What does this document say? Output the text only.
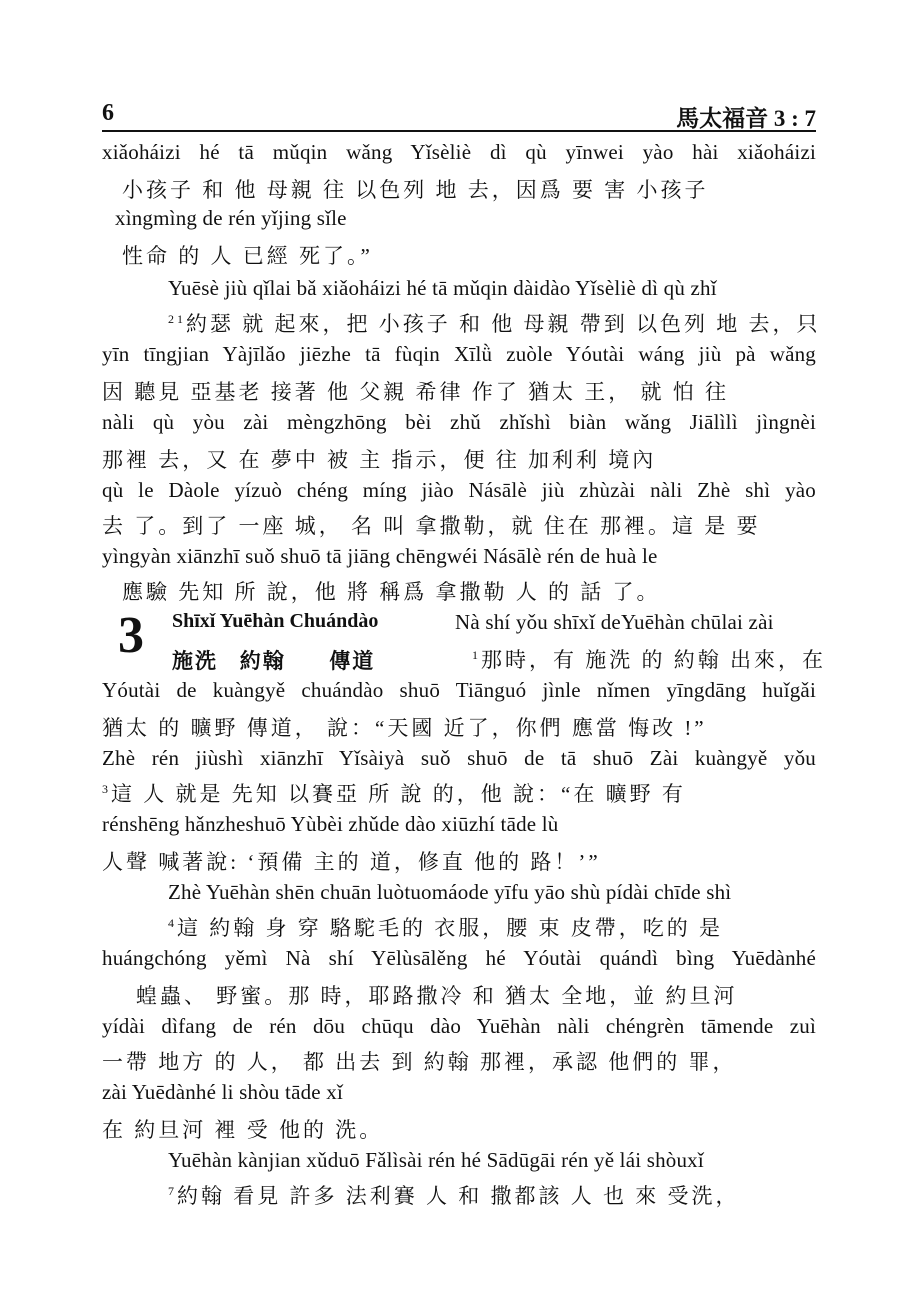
6	馬太福音 3 : 7
xiǎoháizi hé tā mǔqin wǎng Yǐsèliè dì qù yīnwei yào hài xiǎoháizi
小孩子 和 他 母親 往 以色列 地 去，因爲 要 害 小孩子
xìngmìng de rén yǐjing sǐle
性命 的 人 已經 死了。”
Yuēsè jiù qǐlai bǎ xiǎoháizi hé tā mǔqin dàidào Yǐsèliè dì qù zhǐ
$^{21}$約瑟 就 起來，把 小孩子 和 他 母親 帶到 以色列 地 去，只
yīn tīngjian Yàjīlǎo jiēzhe tā fùqin Xīlǜ zuòle Yóutài wáng jiù pà wǎng
因 聽見 亞基老 接著 他 父親 希律 作了 猶太 王， 就 怕 往
nàli qù yòu zài mèngzhōng bèi zhǔ zhǐshì biàn wǎng Jiālìlì jìngnèi
那裡 去，又 在 夢中 被 主 指示，便 往 加利利 境內
qù le Dàole yízuò chéng míng jiào Násālè jiù zhùzài nàli Zhè shì yào
去 了。到了 一座 城， 名 叫 拿撒勒，就 住在 那裡。這 是 要
yìngyàn xiānzhī suǒ shuō tā jiāng chēngwéi Násālè rén de huà le
應驗 先知 所 說，他 將 稱爲 拿撒勒 人 的 話 了。
3 Shīxǐ Yuēhàn Chuándào
施洗 約翰 傳道
Nà shí yǒu shīxǐ deYuēhàn chūlai zài
$^1$那時，有 施洗 的 約翰 出來，在
Yóutài de kuàngyě chuándào shuō Tiānguó jìnle nǐmen yīngdāng huǐgǎi
猶太 的 曠野 傳道， 說：“天國 近了，你們 應當 悔改 !”
Zhè rén jiùshì xiānzhī Yǐsàiyà suǒ shuō de tā shuō Zài kuàngyě yǒu
$^3$這 人 就是 先知 以賽亞 所 說 的，他 說：“在 曠野 有
rénshēng hǎnzheshuō Yùbèi zhǔde dào xiūzhí tāde lù
人聲 喊著說: ‘預備 主的 道，修直 他的 路！’”
Zhè Yuēhàn shēn chuān luòtuomáode yīfu yāo shù pídài chīde shì
$^4$這 約翰 身 穿 駱駝毛的 衣服，腰 束 皮帶，吃的 是
huángchóng yěmì Nà shí Yēlùsālěng hé Yóutài quándì bìng Yuēdànhé
蝗蟲、 野蜜。那 時，耶路撒冷 和 猶太 全地，並 約旦河
yídài dìfang de rén dōu chūqu dào Yuēhàn nàli chéngrèn tāmende zuì
一帶 地方 的 人， 都 出去 到 約翰 那裡，承認 他們的 罪，
zài Yuēdànhé li shòu tāde xǐ
在 約旦河 裡 受 他的 洗。
Yuēhàn kànjian xǔduō Fǎlìsài rén hé Sādūgāi rén yě lái shòuxǐ
$^7$約翰 看見 許多 法利賽 人 和 撒都該 人 也 來 受洗，
